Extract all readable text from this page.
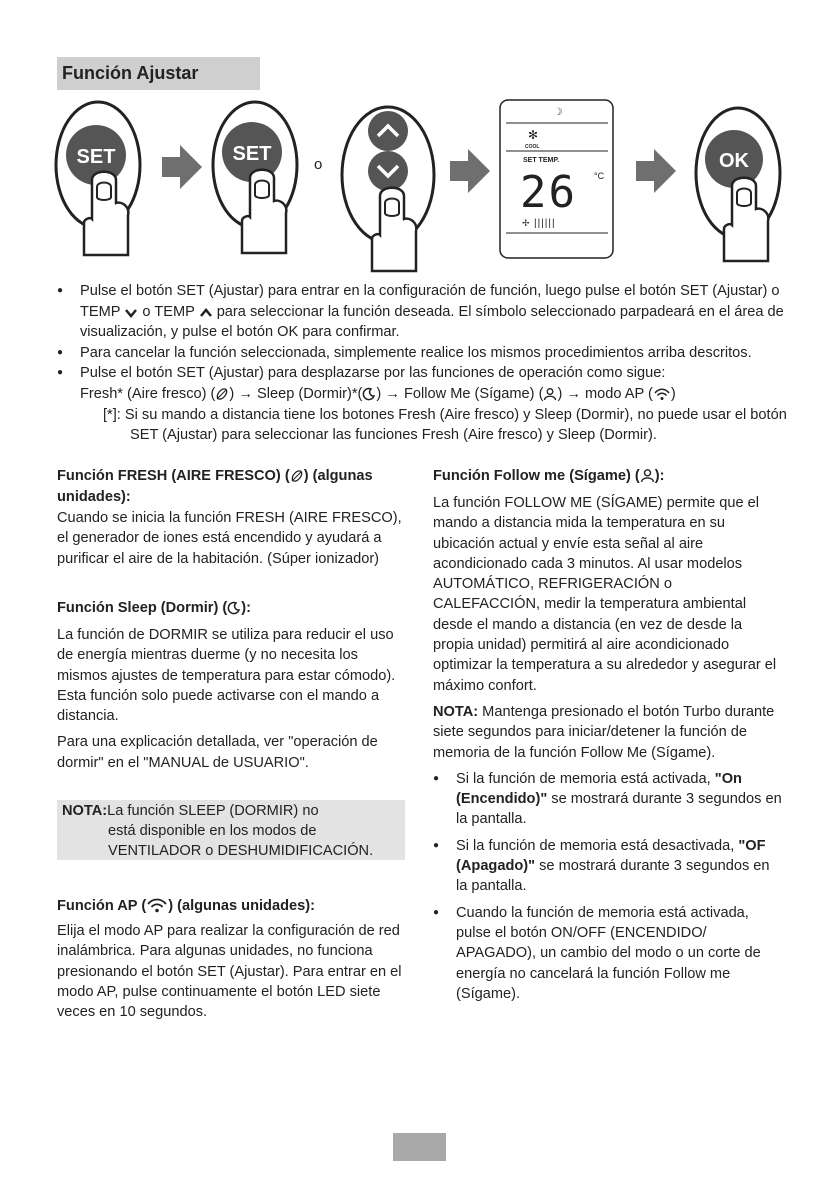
Función Ajustar
SET	SET	o
☽
✻
COOL
SET TEMP.
26 °C
✢ ||||||
OK
● Pulse el botón SET (Ajustar) para entrar en la configuración de función, luego pulse el botón SET (Ajustar) o TEMP  o TEMP  para seleccionar la función deseada. El símbolo seleccionado parpadeará en el área de visualización, y pulse el botón OK para confirmar.
● Para cancelar la función seleccionada, simplemente realice los mismos procedimientos arriba descritos.
● Pulse el botón SET (Ajustar) para desplazarse por las funciones de operación como sigue:
Fresh* (Aire fresco) ( ) → Sleep (Dormir)*( ) → Follow Me (Sígame) ( ) → modo AP ( )
[*]: Si su mando a distancia tiene los botones Fresh (Aire fresco) y Sleep (Dormir), no puede usar el botón SET (Ajustar) para seleccionar las funciones Fresh (Aire fresco) y Sleep (Dormir).
Función FRESH (AIRE FRESCO) ( ) (algunas unidades):

Cuando se inicia la función FRESH (AIRE FRESCO), el generador de iones está encendido y ayudará a purificar el aire de la habitación. (Súper ionizador)

Función Sleep (Dormir) ( ):

La función de DORMIR se utiliza para reducir el uso de energía mientras duerme (y no necesita los mismos ajustes de temperatura para estar cómodo). Esta función solo puede activarse con el mando a distancia.

Para una explicación detallada, ver "operación de dormir" en el "MANUAL de USUARIO".

NOTA:La función SLEEP (DORMIR) no
está disponible en los modos de
VENTILADOR o DESHUMIDIFICACIÓN.
Función AP ( ) (algunas unidades):

Elija el modo AP para realizar la configuración de red inalámbrica. Para algunas unidades, no funciona presionando el botón SET (Ajustar). Para entrar en el modo AP, pulse continuamente el botón LED siete veces en 10 segundos.

Función Follow me (Sígame) ( ):

La función FOLLOW ME (SÍGAME) permite que el mando a distancia mida la temperatura en su ubicación actual y envíe esta señal al aire acondicionado cada 3 minutos. Al usar modelos AUTOMÁTICO, REFRIGERACIÓN o CALEFACCIÓN, medir la temperatura ambiental desde el mando a distancia (en vez de desde la propia unidad) permitirá al aire acondicionado optimizar la temperatura a su alrededor y asegurar el máximo confort.

NOTA: Mantenga presionado el botón Turbo durante siete segundos para iniciar/detener la función de memoria de la función Follow Me (Sígame).

● Si la función de memoria está activada, "On (Encendido)" se mostrará durante 3 segundos en la pantalla.
● Si la función de memoria está desactivada, "OF (Apagado)" se mostrará durante 3 segundos en la pantalla.
● Cuando la función de memoria está activada, pulse el botón ON/OFF (ENCENDIDO/ APAGADO), un cambio del modo o un corte de energía no cancelará la función Follow me (Sígame).
